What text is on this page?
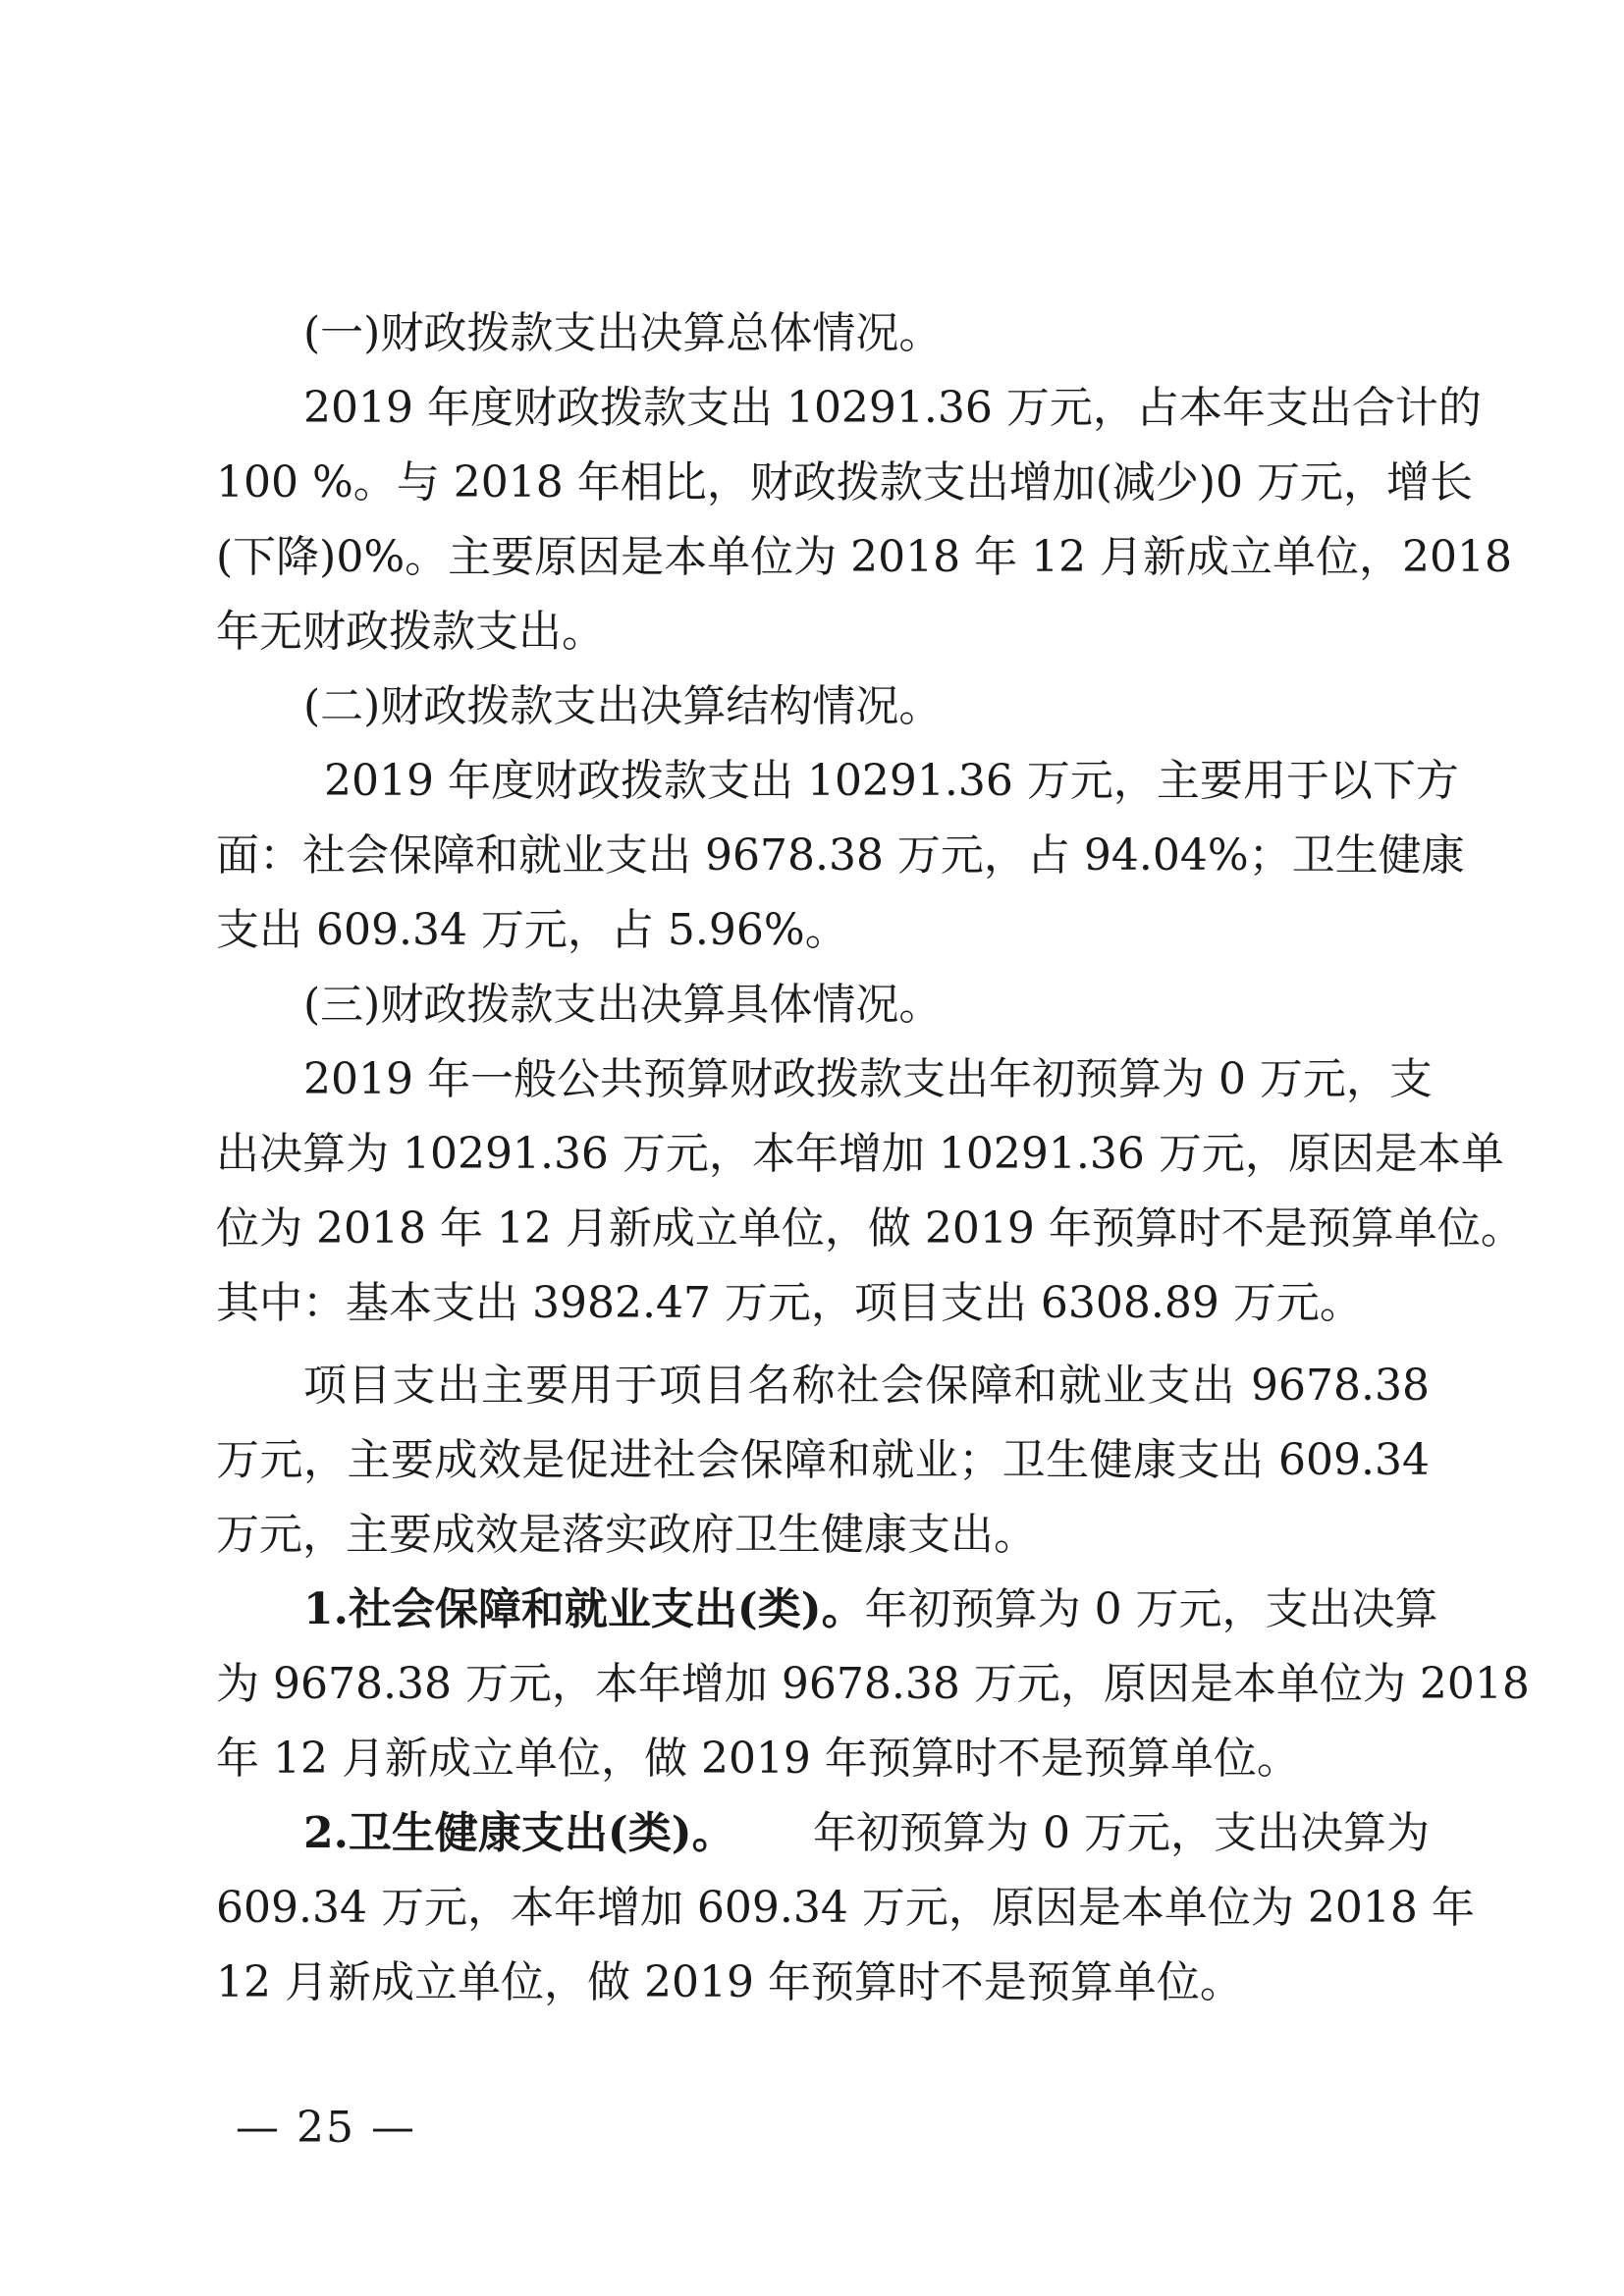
(一)财政拨款支出决算总体情况。
2019 年度财政拨款支出 10291.36 万元，占本年支出合计的
100 %。与 2018 年相比，财政拨款支出增加(减少)0 万元，增长
(下降)0%。主要原因是本单位为 2018 年 12 月新成立单位，2018
年无财政拨款支出。
(二)财政拨款支出决算结构情况。
2019 年度财政拨款支出 10291.36 万元，主要用于以下方
面：社会保障和就业支出 9678.38 万元，占 94.04%；卫生健康
支出 609.34 万元，占 5.96%。
(三)财政拨款支出决算具体情况。
2019 年一般公共预算财政拨款支出年初预算为 0 万元，支
出决算为 10291.36 万元，本年增加 10291.36 万元，原因是本单
位为 2018 年 12 月新成立单位，做 2019 年预算时不是预算单位。
其中：基本支出 3982.47 万元，项目支出 6308.89 万元。
项目支出主要用于项目名称社会保障和就业支出 9678.38
万元，主要成效是促进社会保障和就业；卫生健康支出 609.34
万元，主要成效是落实政府卫生健康支出。
1.社会保障和就业支出(类)。 年初预算为 0 万元，支出决算
为 9678.38 万元，本年增加 9678.38 万元，原因是本单位为 2018
年 12 月新成立单位，做 2019 年预算时不是预算单位。
2.卫生健康支出(类)。 年初预算为 0 万元，支出决算为
609.34 万元，本年增加 609.34 万元，原因是本单位为 2018 年
12 月新成立单位，做 2019 年预算时不是预算单位。
— 25 —
